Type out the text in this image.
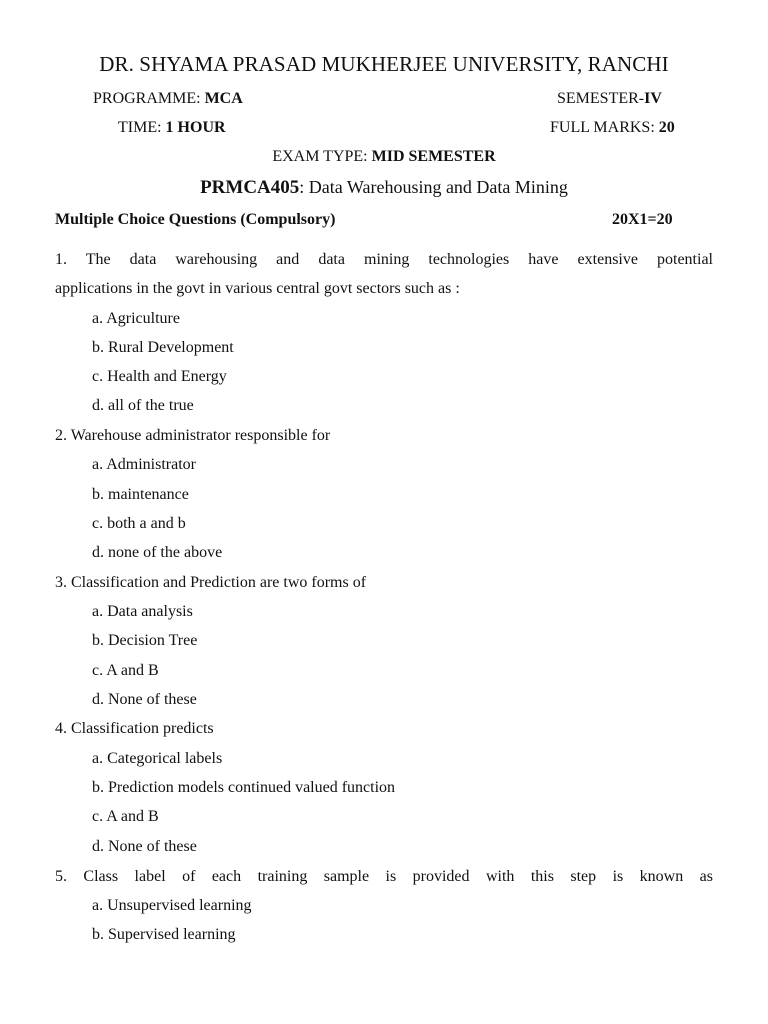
DR. SHYAMA PRASAD MUKHERJEE UNIVERSITY, RANCHI
PROGRAMME: MCA	SEMESTER-IV
TIME: 1 HOUR	FULL MARKS: 20
EXAM TYPE: MID SEMESTER
PRMCA405: Data Warehousing and Data Mining
Multiple Choice Questions (Compulsory)	20X1=20
1. The data warehousing and data mining technologies have extensive potential
applications in the govt in various central govt sectors such as :
a. Agriculture
b. Rural Development
c. Health and Energy
d. all of the true
2. Warehouse administrator responsible for
a. Administrator
b. maintenance
c. both a and b
d. none of the above
3. Classification and Prediction are two forms of
a. Data analysis
b. Decision Tree
c. A and B
d. None of these
4. Classification predicts
a. Categorical labels
b. Prediction models continued valued function
c. A and B
d. None of these
5. Class label of each training sample is provided with this step is known as
a. Unsupervised learning
b. Supervised learning
